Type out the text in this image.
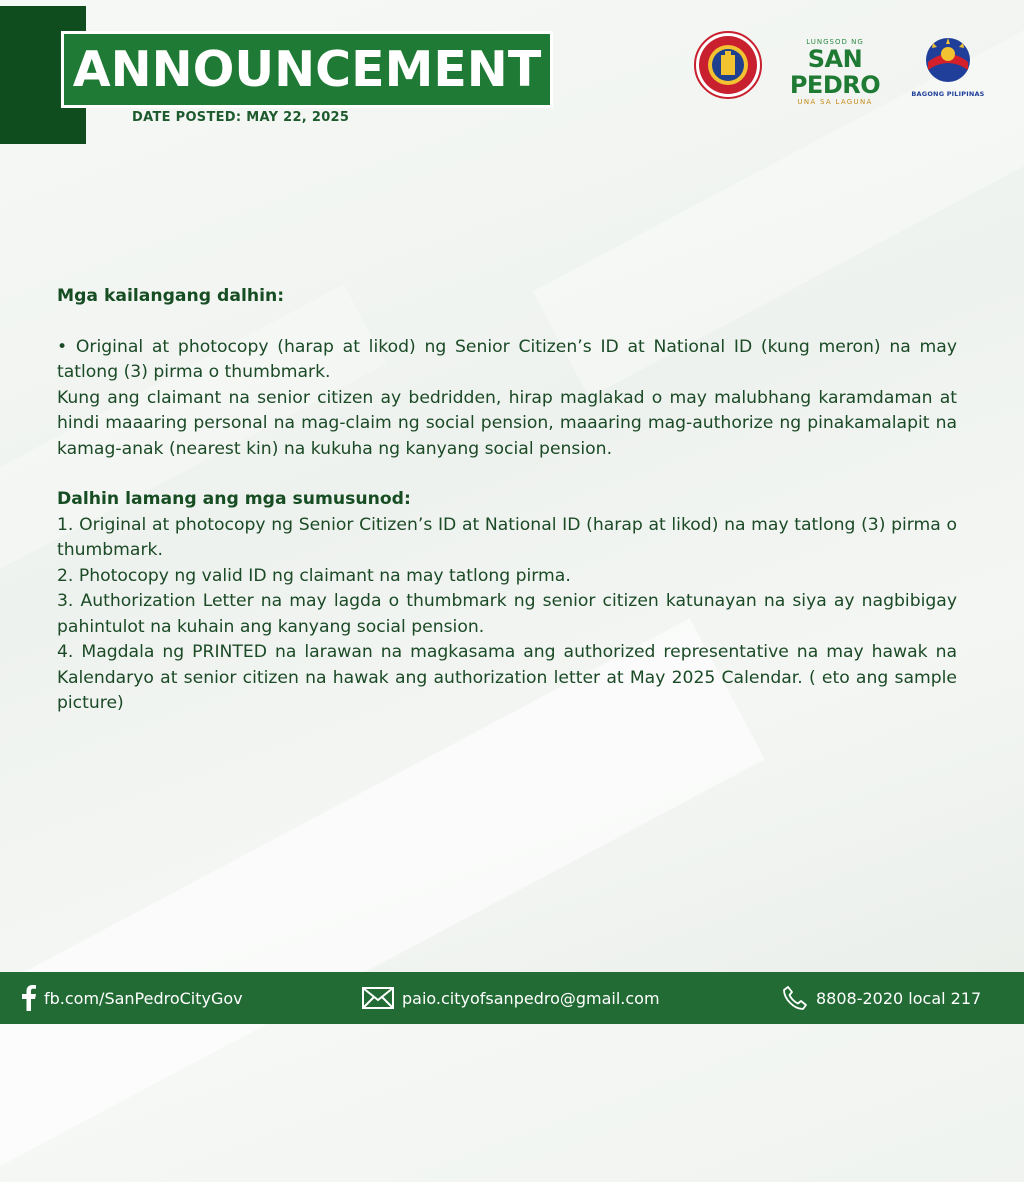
ANNOUNCEMENT
DATE POSTED: MAY 22, 2025
LUNGSOD NG
SAN PEDRO
UNA SA LAGUNA
BAGONG PILIPINAS

Mga kailangang dalhin:

• Original at photocopy (harap at likod) ng Senior Citizen’s ID at National ID (kung meron) na may tatlong (3) pirma o thumbmark.

Kung ang claimant na senior citizen ay bedridden, hirap maglakad o may malubhang karamdaman at hindi maaaring personal na mag-claim ng social pension, maaaring mag-authorize ng pinakamalapit na kamag-anak (nearest kin) na kukuha ng kanyang social pension.

Dalhin lamang ang mga sumusunod:

1. Original at photocopy ng Senior Citizen’s ID at National ID (harap at likod) na may tatlong (3) pirma o thumbmark.

2. Photocopy ng valid ID ng claimant na may tatlong pirma.

3. Authorization Letter na may lagda o thumbmark ng senior citizen katunayan na siya ay nagbibigay pahintulot na kuhain ang kanyang social pension.

4. Magdala ng PRINTED na larawan na magkasama ang authorized representative na may hawak na Kalendaryo at senior citizen na hawak ang authorization letter at May 2025 Calendar. ( eto ang sample picture)

fb.com/SanPedroCityGov	paio.cityofsanpedro@gmail.com	8808-2020 local 217
